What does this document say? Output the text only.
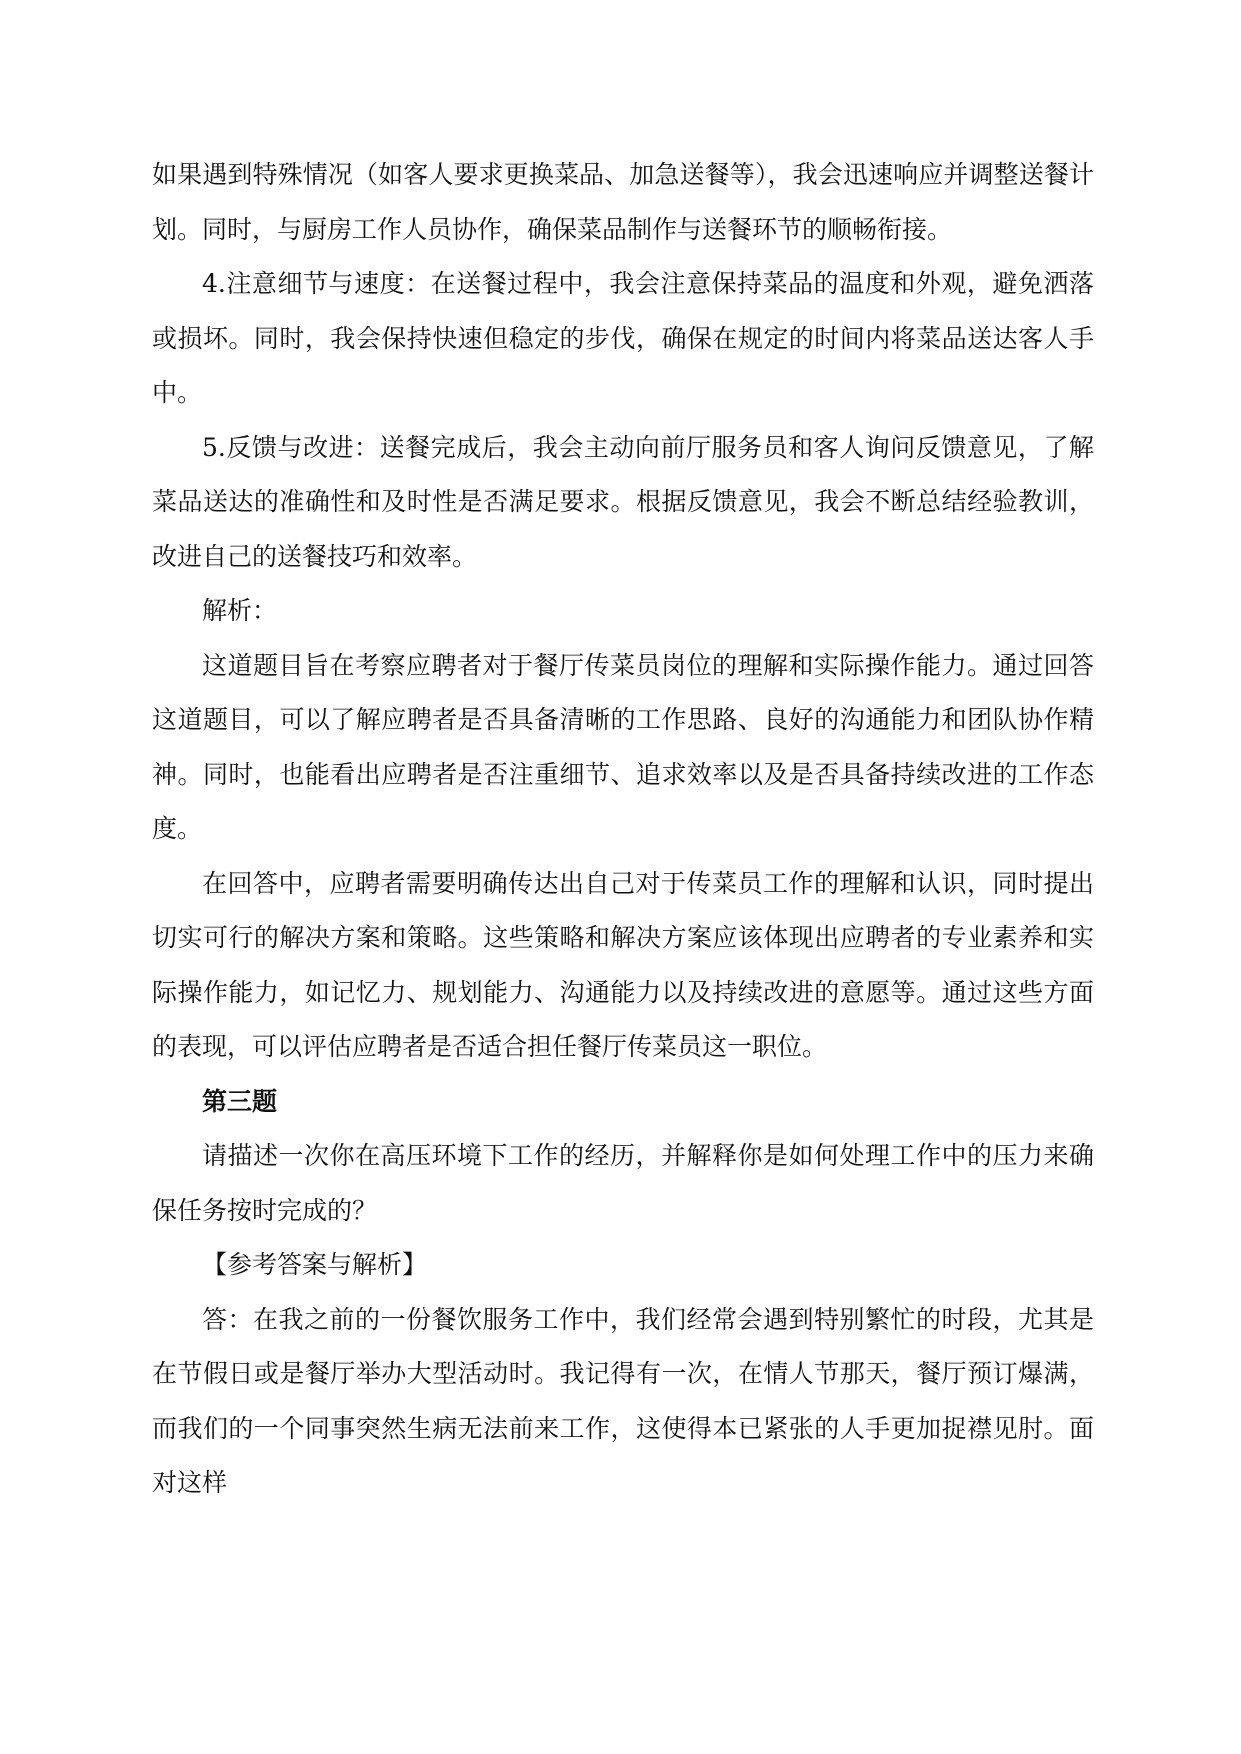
如果遇到特殊情况（如客人要求更换菜品、加急送餐等），我会迅速响应并调整送餐计划。同时，与厨房工作人员协作，确保菜品制作与送餐环节的顺畅衔接。

4.注意细节与速度：在送餐过程中，我会注意保持菜品的温度和外观，避免洒落或损坏。同时，我会保持快速但稳定的步伐，确保在规定的时间内将菜品送达客人手中。

5.反馈与改进：送餐完成后，我会主动向前厅服务员和客人询问反馈意见，了解菜品送达的准确性和及时性是否满足要求。根据反馈意见，我会不断总结经验教训，改进自己的送餐技巧和效率。

解析：

这道题目旨在考察应聘者对于餐厅传菜员岗位的理解和实际操作能力。通过回答这道题目，可以了解应聘者是否具备清晰的工作思路、良好的沟通能力和团队协作精神。同时，也能看出应聘者是否注重细节、追求效率以及是否具备持续改进的工作态度。

在回答中，应聘者需要明确传达出自己对于传菜员工作的理解和认识，同时提出切实可行的解决方案和策略。这些策略和解决方案应该体现出应聘者的专业素养和实际操作能力，如记忆力、规划能力、沟通能力以及持续改进的意愿等。通过这些方面的表现，可以评估应聘者是否适合担任餐厅传菜员这一职位。

第三题

请描述一次你在高压环境下工作的经历，并解释你是如何处理工作中的压力来确保任务按时完成的？

【参考答案与解析】

答：在我之前的一份餐饮服务工作中，我们经常会遇到特别繁忙的时段，尤其是在节假日或是餐厅举办大型活动时。我记得有一次，在情人节那天，餐厅预订爆满，而我们的一个同事突然生病无法前来工作，这使得本已紧张的人手更加捉襟见肘。面对这样
